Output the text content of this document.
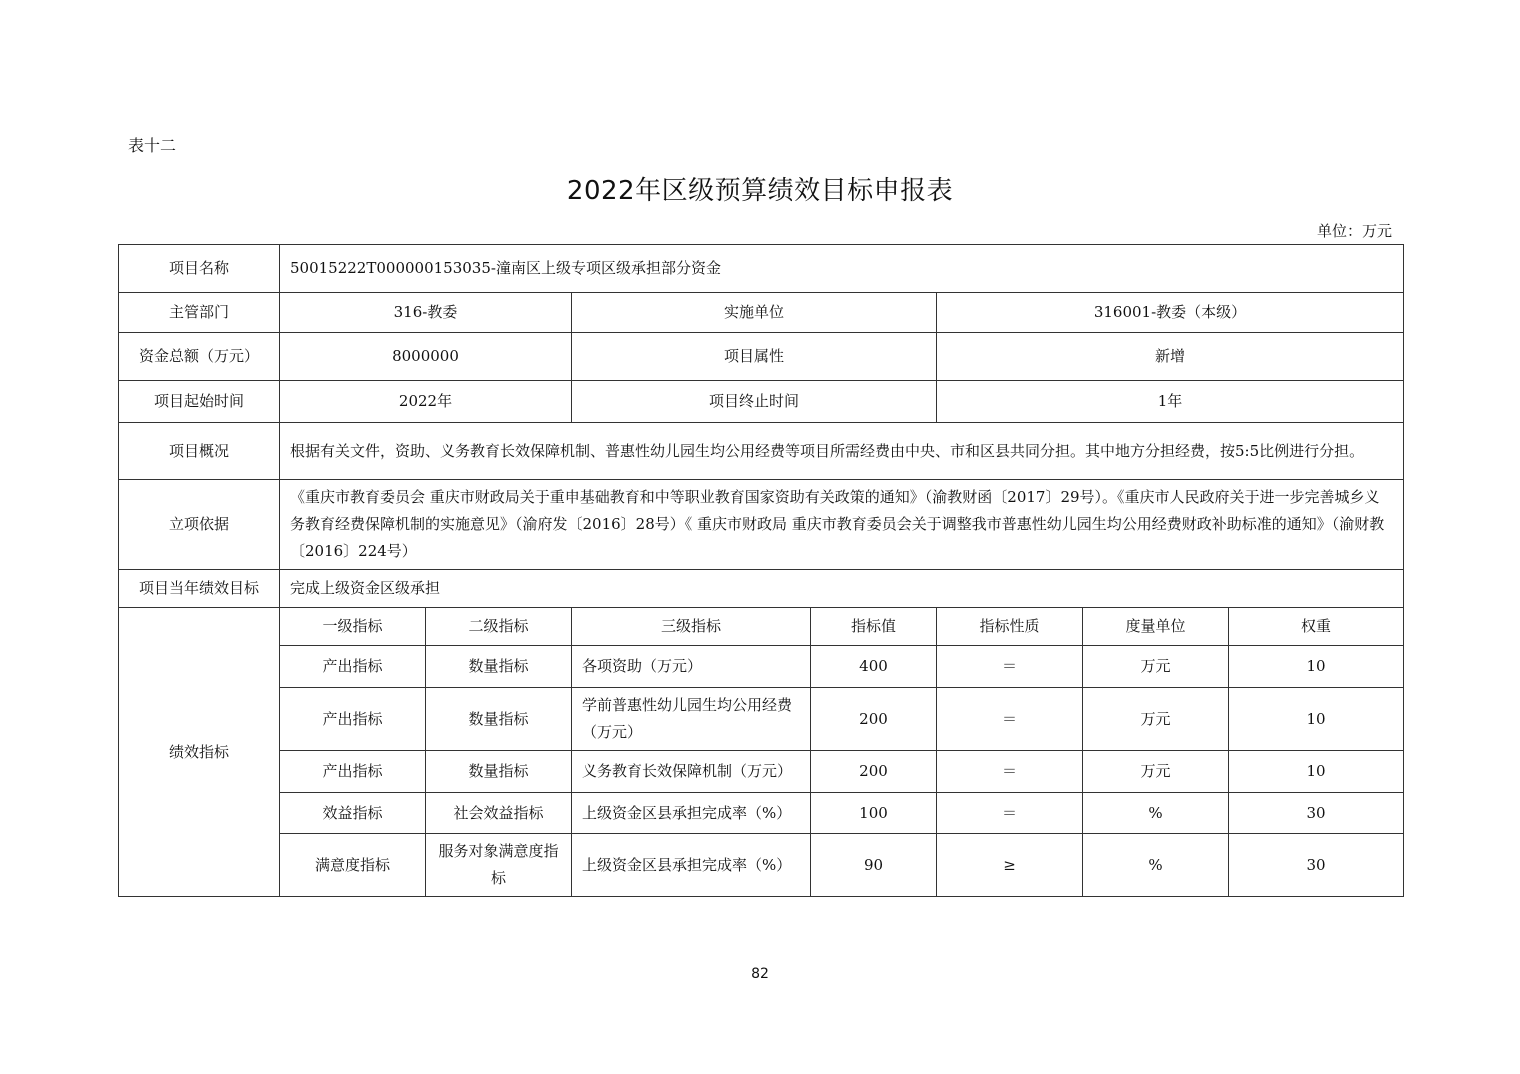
表十二
2022年区级预算绩效目标申报表
单位：万元
项目名称	50015222T000000153035-潼南区上级专项区级承担部分资金						
主管部门	316-教委		实施单位		316001-教委（本级）		
资金总额（万元）	8000000		项目属性		新增		
项目起始时间	2022年		项目终止时间		1年		
项目概况	根据有关文件，资助、义务教育长效保障机制、普惠性幼儿园生均公用经费等项目所需经费由中央、市和区县共同分担。其中地方分担经费，按5:5比例进行分担。						
立项依据	《重庆市教育委员会 重庆市财政局关于重申基础教育和中等职业教育国家资助有关政策的通知》（渝教财函〔2017〕29号）。《重庆市人民政府关于进一步完善城乡义务教育经费保障机制的实施意见》（渝府发〔2016〕28号）《 重庆市财政局 重庆市教育委员会关于调整我市普惠性幼儿园生均公用经费财政补助标准的通知》（渝财教〔2016〕224号）						
项目当年绩效目标	完成上级资金区级承担						
绩效指标	一级指标	二级指标	三级指标	指标值	指标性质	度量单位	权重
	产出指标	数量指标	各项资助（万元）	400	＝	万元	10
	产出指标	数量指标	学前普惠性幼儿园生均公用经费（万元）	200	＝	万元	10
	产出指标	数量指标	义务教育长效保障机制（万元）	200	＝	万元	10
	效益指标	社会效益指标	上级资金区县承担完成率（%）	100	＝	%	30
	满意度指标	服务对象满意度指标	上级资金区县承担完成率（%）	90	≥	%	30
82
